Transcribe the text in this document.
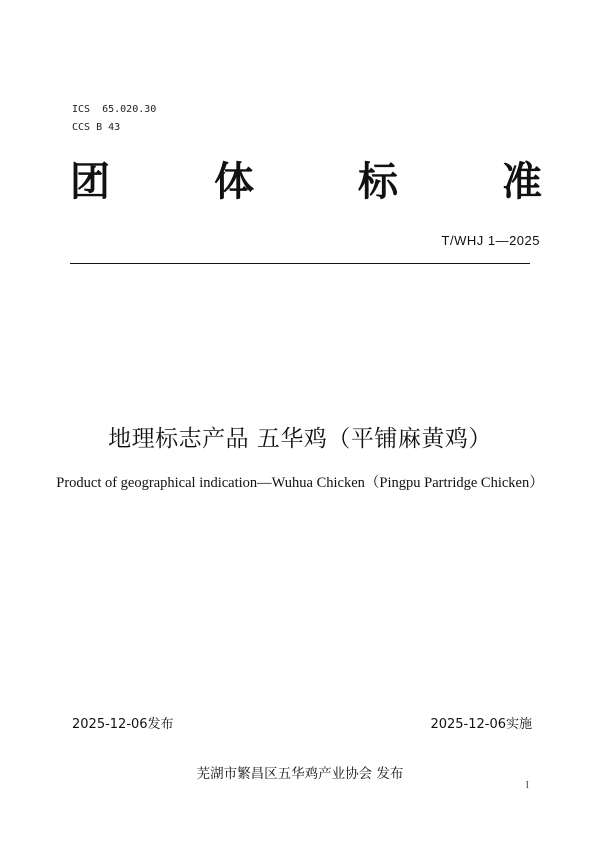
ICS  65.020.30
CCS B 43
团	体	标	准
T/WHJ 1—2025
地理标志产品 五华鸡（平铺麻黄鸡）
Product of geographical indication—Wuhua Chicken（Pingpu Partridge Chicken）
2025-12-06发布	2025-12-06实施
芜湖市繁昌区五华鸡产业协会 发布
I
